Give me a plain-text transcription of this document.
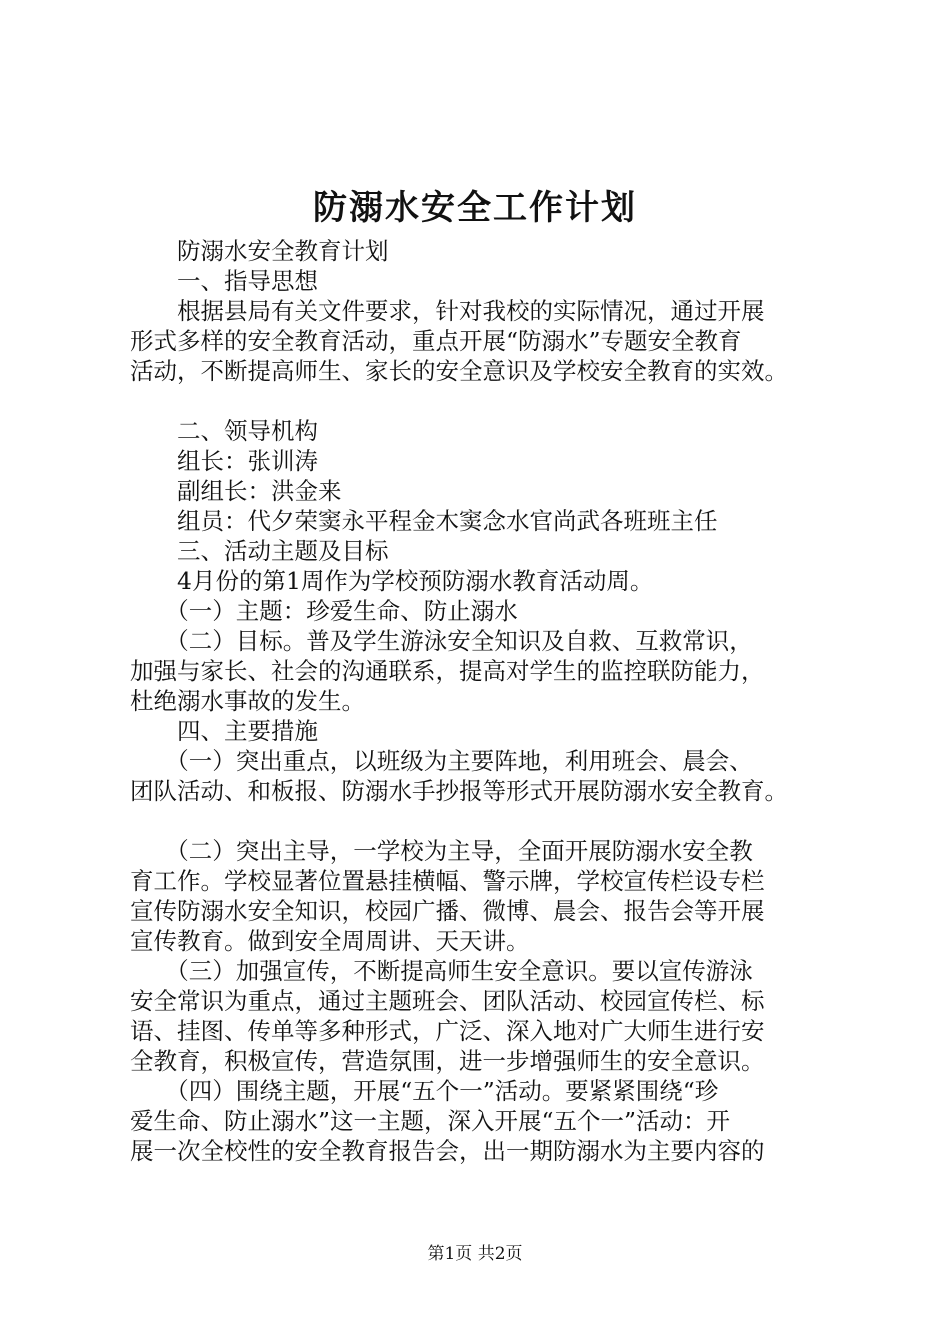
防溺水安全工作计划
　　防溺水安全教育计划
　　一、指导思想
　　根据县局有关文件要求，针对我校的实际情况，通过开展
形式多样的安全教育活动，重点开展“防溺水”专题安全教育
活动，不断提高师生、家长的安全意识及学校安全教育的实效。
　　二、领导机构
　　组长：张训涛
　　副组长：洪金来
　　组员：代夕荣窦永平程金木窦念水官尚武各班班主任
　　三、活动主题及目标
　　4月份的第1周作为学校预防溺水教育活动周。
　　（一）主题：珍爱生命、防止溺水
　　（二）目标。普及学生游泳安全知识及自救、互救常识，
加强与家长、社会的沟通联系，提高对学生的监控联防能力，
杜绝溺水事故的发生。
　　四、主要措施
　　（一）突出重点，以班级为主要阵地，利用班会、晨会、
团队活动、和板报、防溺水手抄报等形式开展防溺水安全教育。
　　（二）突出主导，一学校为主导，全面开展防溺水安全教
育工作。学校显著位置悬挂横幅、警示牌，学校宣传栏设专栏
宣传防溺水安全知识，校园广播、微博、晨会、报告会等开展
宣传教育。做到安全周周讲、天天讲。
　　（三）加强宣传，不断提高师生安全意识。要以宣传游泳
安全常识为重点，通过主题班会、团队活动、校园宣传栏、标
语、挂图、传单等多种形式，广泛、深入地对广大师生进行安
全教育，积极宣传，营造氛围，进一步增强师生的安全意识。
　　（四）围绕主题，开展“五个一”活动。要紧紧围绕“珍
爱生命、防止溺水”这一主题，深入开展“五个一”活动：开
展一次全校性的安全教育报告会，出一期防溺水为主要内容的
第1页 共2页
